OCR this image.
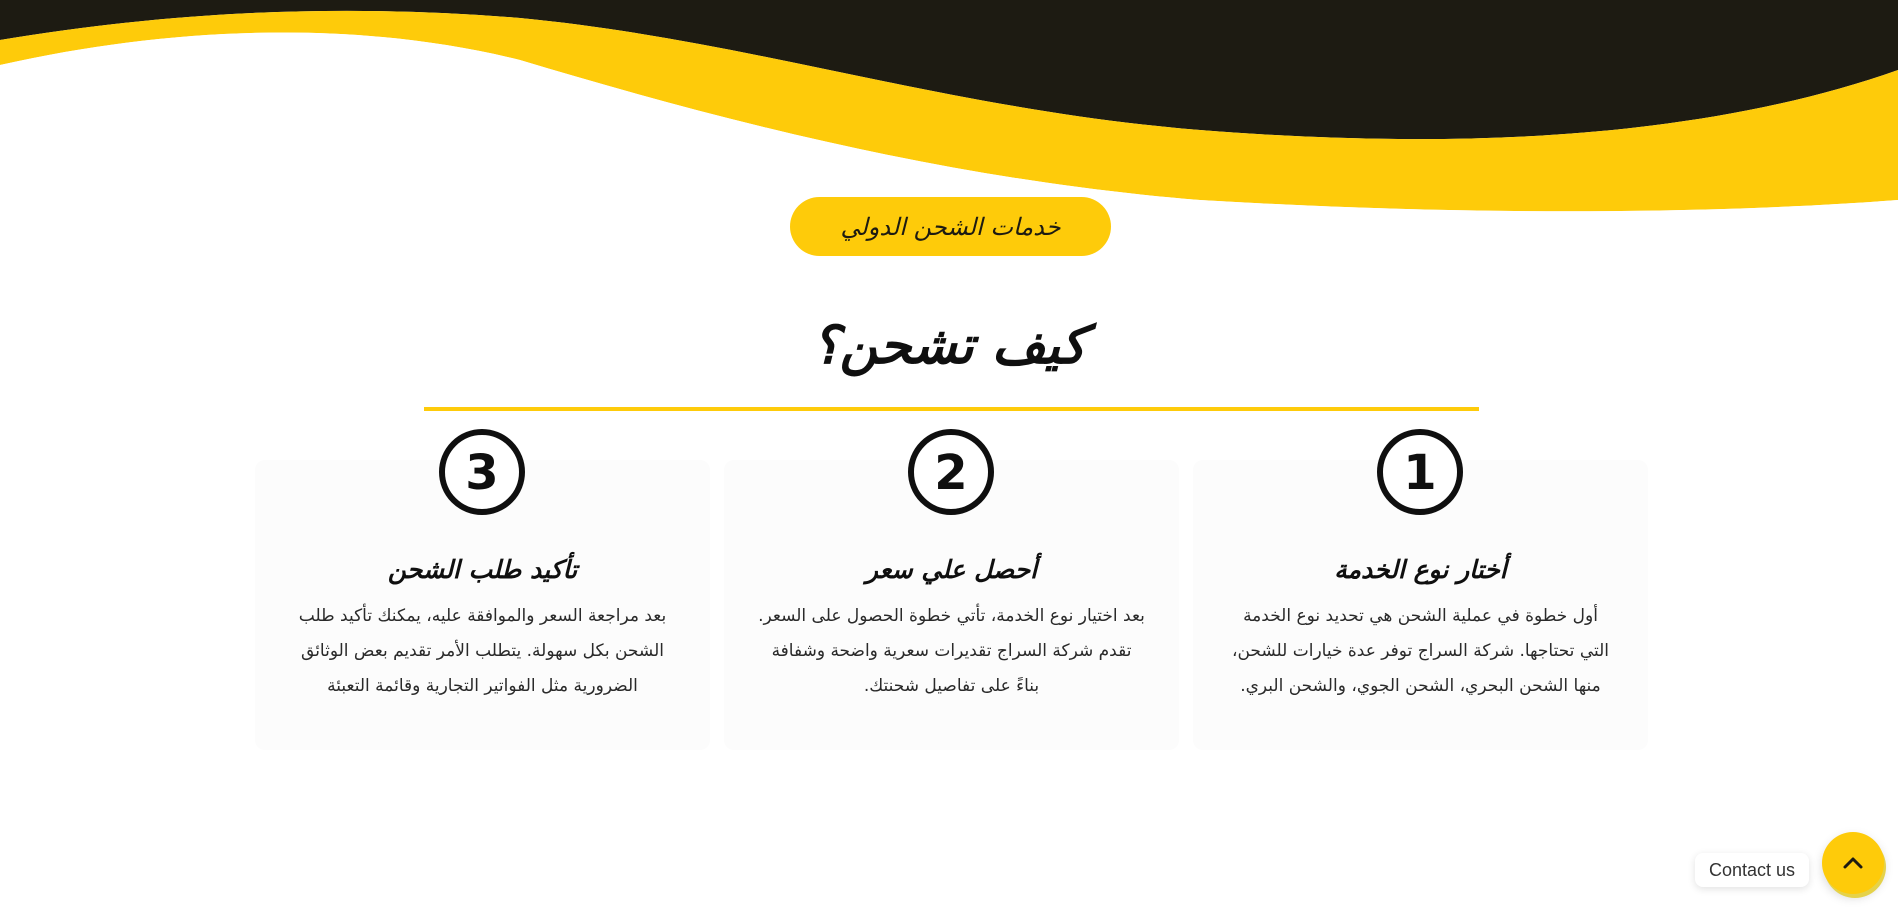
خدمات الشحن الدولي
كيف تشحن؟
1
2
3
أختار نوع الخدمة
أحصل علي سعر
تأكيد طلب الشحن
أول خطوة في عملية الشحن هي تحديد نوع الخدمة
التي تحتاجها. شركة السراج توفر عدة خيارات للشحن،
منها الشحن البحري، الشحن الجوي، والشحن البري.
بعد اختيار نوع الخدمة، تأتي خطوة الحصول على السعر.
تقدم شركة السراج تقديرات سعرية واضحة وشفافة
بناءً على تفاصيل شحنتك.
بعد مراجعة السعر والموافقة عليه، يمكنك تأكيد طلب
الشحن بكل سهولة. يتطلب الأمر تقديم بعض الوثائق
الضرورية مثل الفواتير التجارية وقائمة التعبئة
Contact us
